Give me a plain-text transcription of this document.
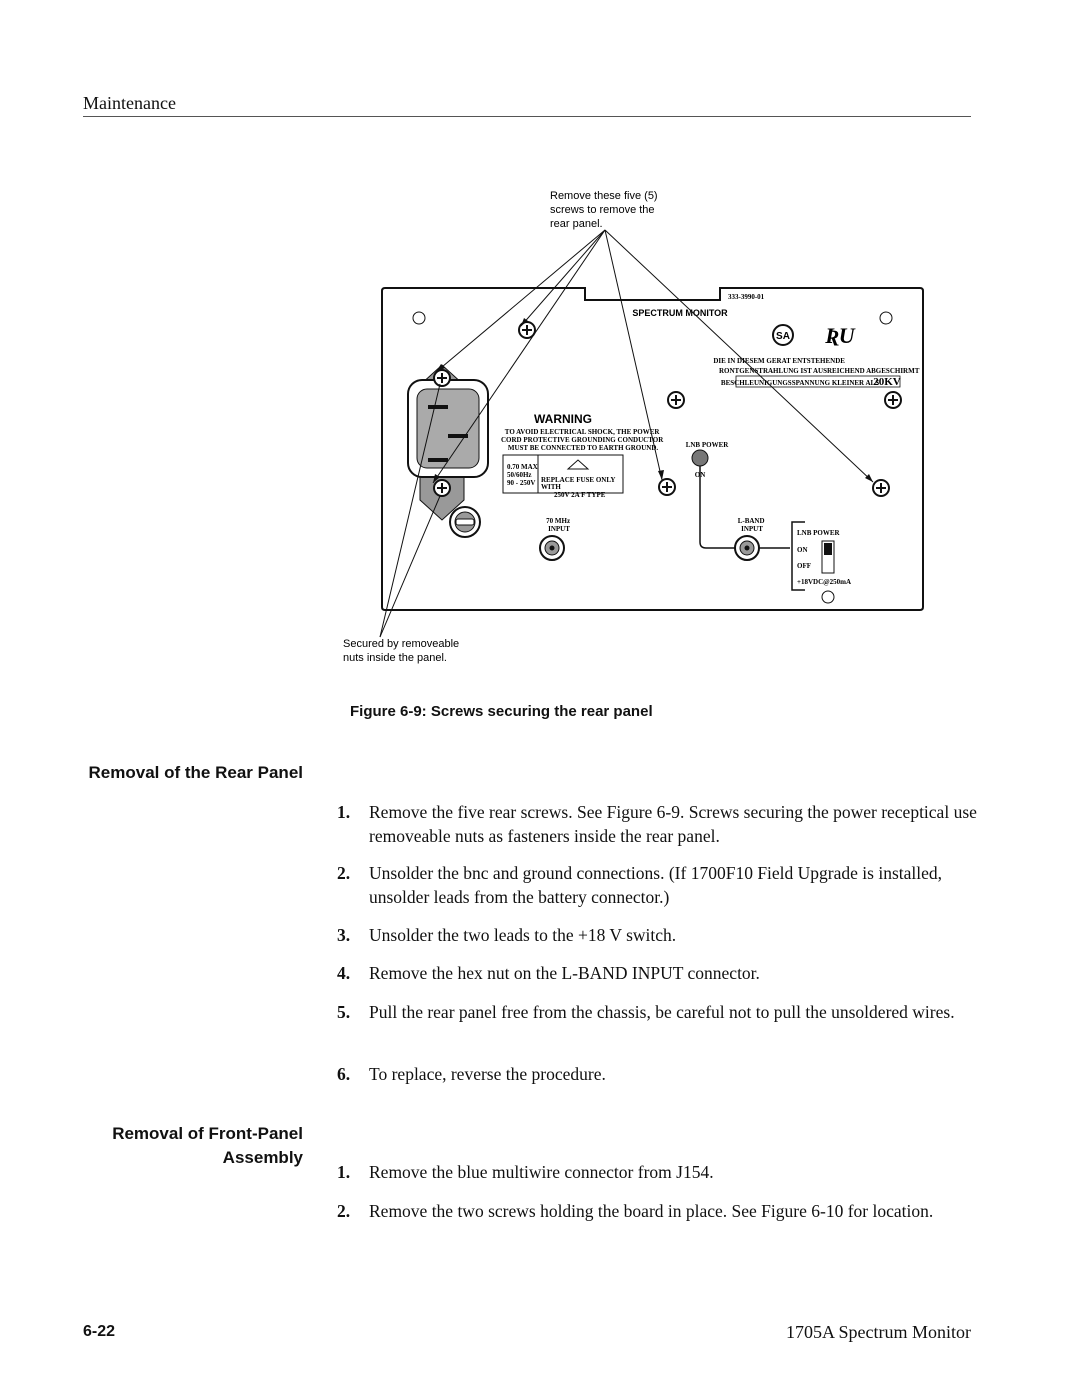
Maintenance
Remove these five (5) screws to remove the rear panel.
333-3990-01
SPECTRUM MONITOR
SA ƦU
DIE IN DIESEM GERAT ENTSTEHENDE RONTGENSTRAHLUNG IST AUSREICHEND ABGESCHIRMT BESCHLEUNIGUNGSSPANNUNG KLEINER ALS
20KV
WARNING
TO AVOID ELECTRICAL SHOCK, THE POWER CORD PROTECTIVE GROUNDING CONDUCTOR MUST BE CONNECTED TO EARTH GROUND.
0.70 MAX 50/60Hz 90 - 250V REPLACE FUSE ONLY WITH
250V 2A F TYPE
LNB POWER
ON
70 MHz INPUT
L-BAND INPUT	LNB POWER
ON
OFF
+18VDC@250mA
Secured by removeable nuts inside the panel.
Figure 6-9: Screws securing the rear panel
Removal of the Rear Panel
1. Remove the five rear screws. See Figure 6-9. Screws securing the power receptical use removeable nuts as fasteners inside the rear panel.
2. Unsolder the bnc and ground connections. (If 1700F10 Field Upgrade is installed, unsolder leads from the battery connector.)
3. Unsolder the two leads to the +18 V switch.
4. Remove the hex nut on the L-BAND INPUT connector.
5. Pull the rear panel free from the chassis, be careful not to pull the unsoldered wires.
6. To replace, reverse the procedure.
Removal of Front-Panel
Assembly
1. Remove the blue multiwire connector from J154.
2. Remove the two screws holding the board in place. See Figure 6-10 for location.
6-22	1705A Spectrum Monitor
